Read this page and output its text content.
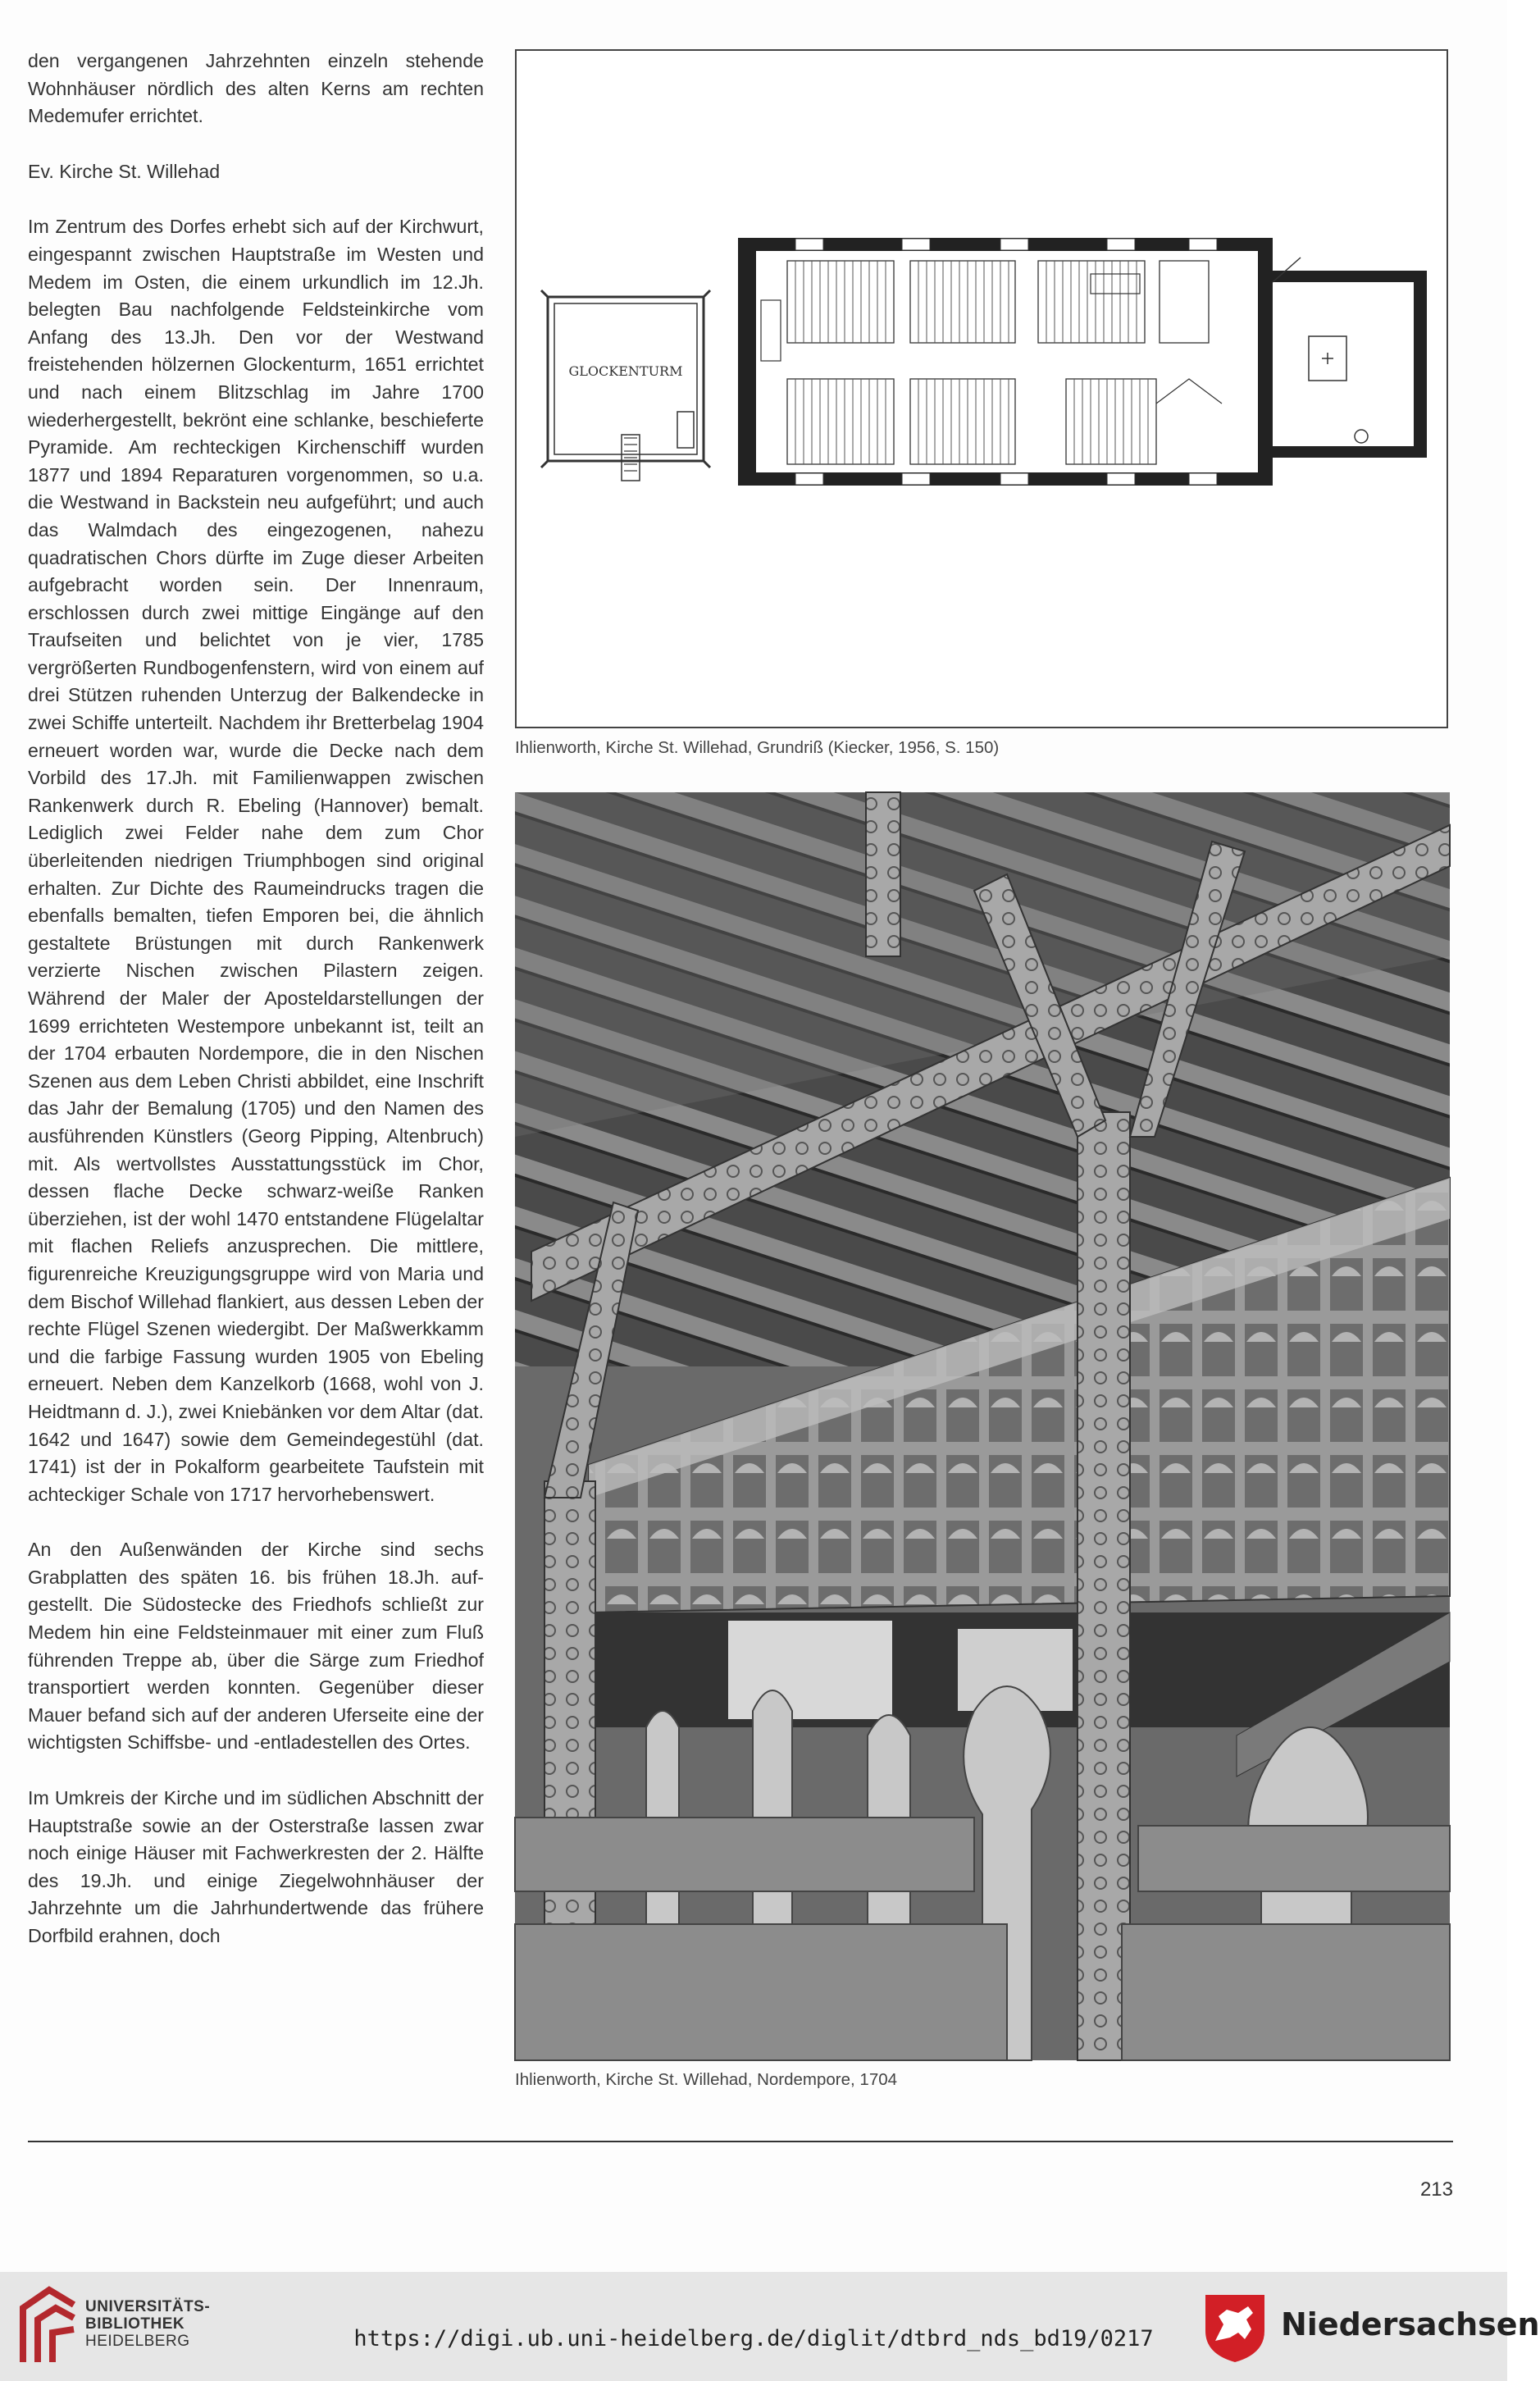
den vergangenen Jahrzehnten einzeln stehende Wohnhäuser nördlich des alten Kerns am rechten Medemufer errichtet.

Ev. Kirche St. Willehad

Im Zentrum des Dorfes erhebt sich auf der Kirchwurt, eingespannt zwischen Hauptstraße im Westen und Medem im Osten, die einem urkundlich im 12.Jh. belegten Bau nachfolgende Feldsteinkirche vom Anfang des 13.Jh. Den vor der Westwand freistehenden hölzernen Glockenturm, 1651 errichtet und nach einem Blitzschlag im Jahre 1700 wiederhergestellt, bekrönt eine schlanke, beschieferte Pyramide. Am rechteckigen Kirchenschiff wurden 1877 und 1894 Reparaturen vorgenommen, so u.a. die Westwand in Backstein neu aufgeführt; und auch das Walmdach des eingezogenen, nahezu quadratischen Chors dürfte im Zuge dieser Arbeiten aufgebracht worden sein. Der Innenraum, erschlossen durch zwei mittige Eingänge auf den Traufseiten und belichtet von je vier, 1785 vergrößerten Rundbogenfenstern, wird von einem auf drei Stützen ruhenden Unterzug der Balkendecke in zwei Schiffe unterteilt. Nachdem ihr Bretterbelag 1904 erneuert worden war, wurde die Decke nach dem Vorbild des 17.Jh. mit Familienwappen zwischen Rankenwerk durch R. Ebeling (Hannover) bemalt. Lediglich zwei Felder nahe dem zum Chor überleitenden niedrigen Triumphbogen sind original erhalten. Zur Dichte des Raumeindrucks tragen die ebenfalls bemalten, tiefen Emporen bei, die ähnlich gestaltete Brüstungen mit durch Rankenwerk verzierte Nischen zwischen Pilastern zeigen. Während der Maler der Aposteldarstellungen der 1699 errichteten Westempore unbekannt ist, teilt an der 1704 erbauten Nordempore, die in den Nischen Szenen aus dem Leben Christi abbildet, eine Inschrift das Jahr der Bemalung (1705) und den Namen des ausführenden Künstlers (Georg Pipping, Altenbruch) mit. Als wertvollstes Ausstattungsstück im Chor, dessen flache Decke schwarz-weiße Ranken überziehen, ist der wohl 1470 entstandene Flügelaltar mit flachen Reliefs anzusprechen. Die mittlere, figurenreiche Kreuzigungsgruppe wird von Maria und dem Bischof Willehad flankiert, aus dessen Leben der rechte Flügel Szenen wiedergibt. Der Maßwerkkamm und die farbige Fassung wurden 1905 von Ebeling erneuert. Neben dem Kanzelkorb (1668, wohl von J. Heidtmann d. J.), zwei Kniebänken vor dem Altar (dat. 1642 und 1647) sowie dem Gemeindegestühl (dat. 1741) ist der in Pokalform gearbeitete Taufstein mit achteckiger Schale von 1717 hervorhebenswert.

An den Außenwänden der Kirche sind sechs Grabplatten des späten 16. bis frühen 18.Jh. aufgestellt. Die Südostecke des Friedhofs schließt zur Medem hin eine Feldsteinmauer mit einer zum Fluß führenden Treppe ab, über die Särge zum Friedhof transportiert werden konnten. Gegenüber dieser Mauer befand sich auf der anderen Uferseite eine der wichtigsten Schiffsbe- und -entladestellen des Ortes.

Im Umkreis der Kirche und im südlichen Abschnitt der Hauptstraße sowie an der Osterstraße lassen zwar noch einige Häuser mit Fachwerkresten der 2. Hälfte des 19.Jh. und einige Ziegelwohnhäuser der Jahrzehnte um die Jahrhundertwende das frühere Dorfbild erahnen, doch

GLOCKENTURM
Ihlienworth, Kirche St. Willehad, Grundriß (Kiecker, 1956, S. 150)
Ihlienworth, Kirche St. Willehad, Nordempore, 1704
213
UNIVERSITÄTS-
BIBLIOTHEK
HEIDELBERG	https://digi.ub.uni-heidelberg.de/diglit/dtbrd_nds_bd19/0217	Niedersachsen
